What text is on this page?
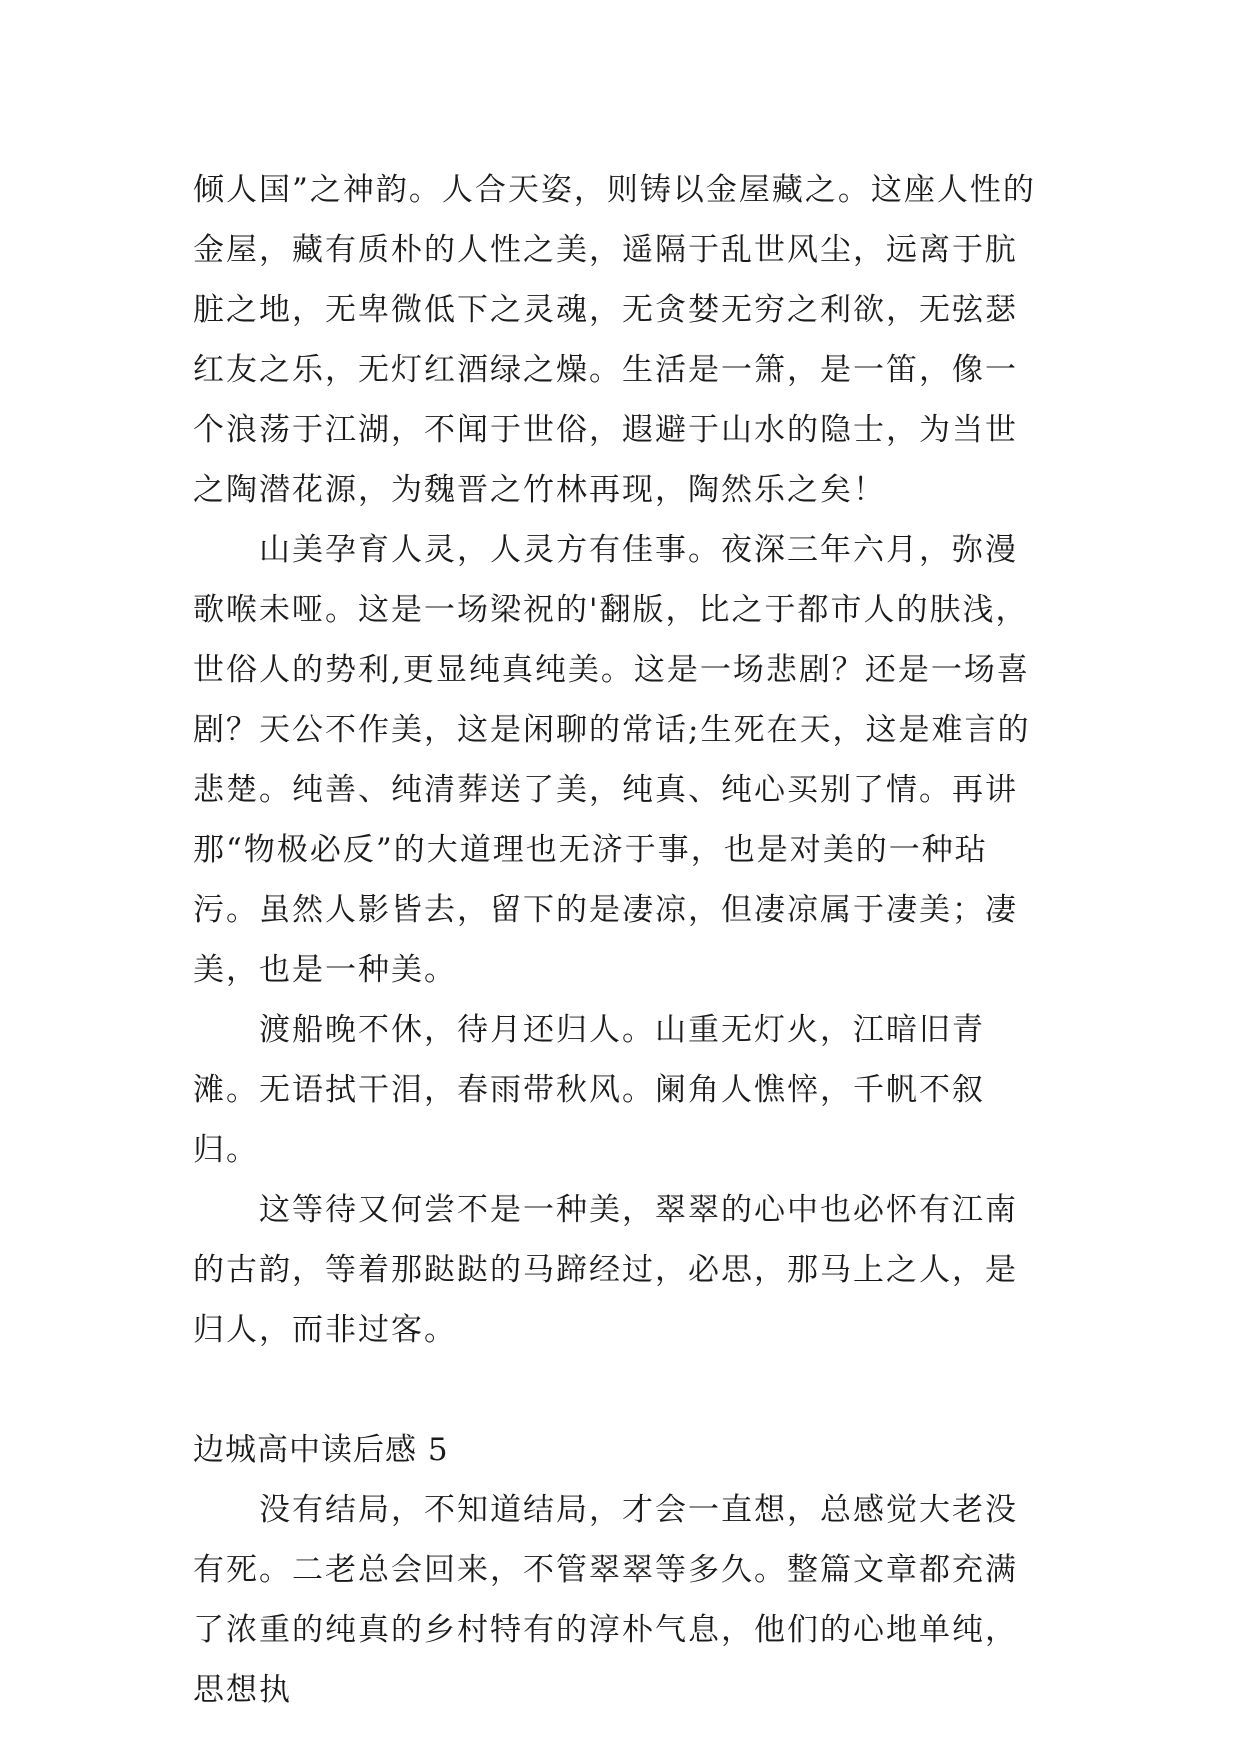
倾人国”之神韵。人合天姿，则铸以金屋藏之。这座人性的金屋，藏有质朴的人性之美，遥隔于乱世风尘，远离于肮脏之地，无卑微低下之灵魂，无贪婪无穷之利欲，无弦瑟红友之乐，无灯红酒绿之燥。生活是一箫，是一笛，像一个浪荡于江湖，不闻于世俗，遐避于山水的隐士，为当世之陶潜花源，为魏晋之竹林再现，陶然乐之矣！

山美孕育人灵，人灵方有佳事。夜深三年六月，弥漫歌喉未哑。这是一场梁祝的'翻版，比之于都市人的肤浅，世俗人的势利,更显纯真纯美。这是一场悲剧？还是一场喜剧？天公不作美，这是闲聊的常话;生死在天，这是难言的悲楚。纯善、纯清葬送了美，纯真、纯心买别了情。再讲那“物极必反”的大道理也无济于事，也是对美的一种玷污。虽然人影皆去，留下的是凄凉，但凄凉属于凄美；凄美，也是一种美。

渡船晚不休，待月还归人。山重无灯火，江暗旧青滩。无语拭干泪，春雨带秋风。阑角人憔悴，千帆不叙归。

这等待又何尝不是一种美，翠翠的心中也必怀有江南的古韵，等着那跶跶的马蹄经过，必思，那马上之人，是归人，而非过客。

边城高中读后感 5

没有结局，不知道结局，才会一直想，总感觉大老没有死。二老总会回来，不管翠翠等多久。整篇文章都充满了浓重的纯真的乡村特有的淳朴气息，他们的心地单纯，思想执
